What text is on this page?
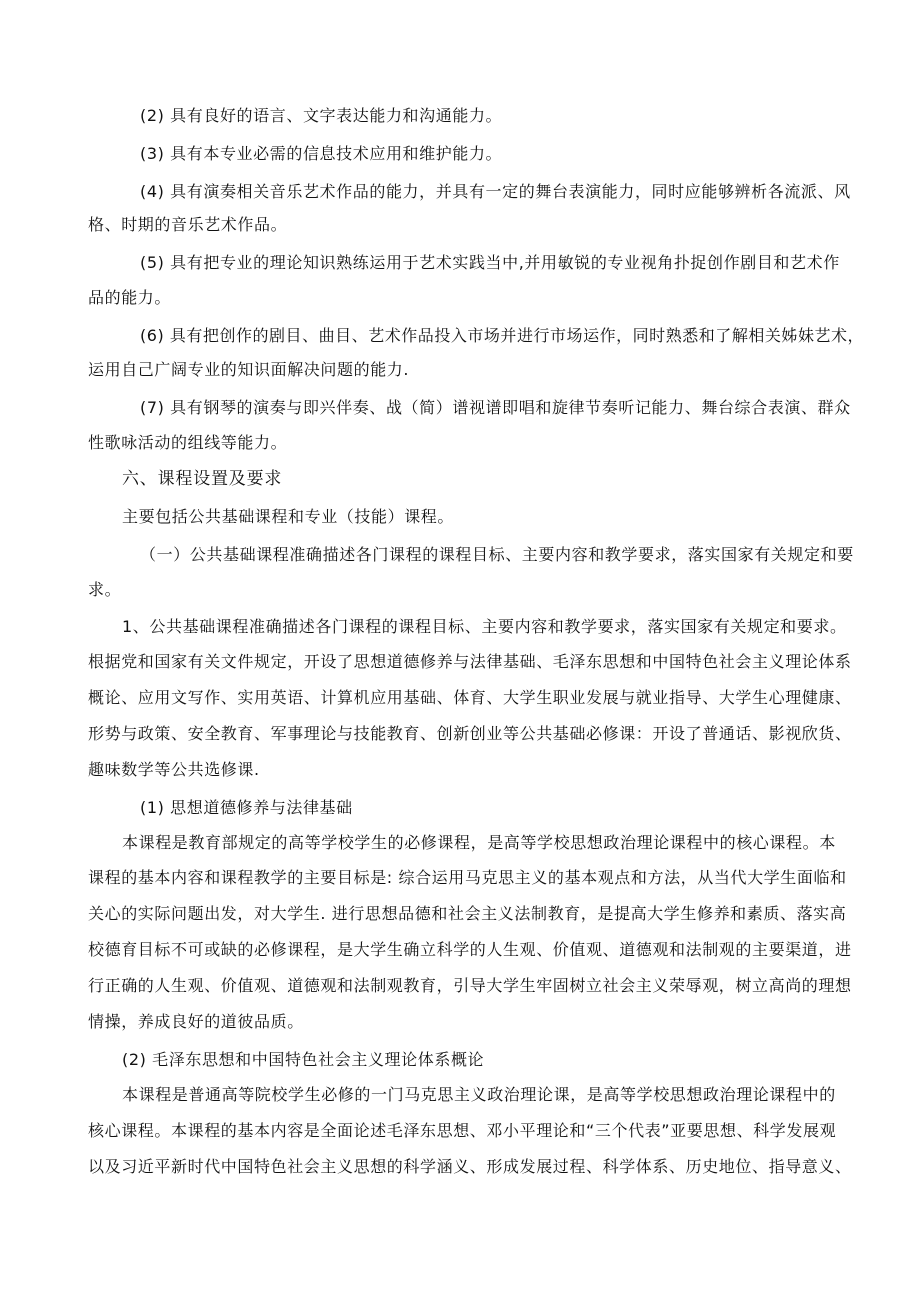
(2) 具有良好的语言、文字表达能力和沟通能力。
(3) 具有本专业必需的信息技术应用和维护能力。
(4) 具有演奏相关音乐艺术作品的能力，并具有一定的舞台表演能力，同时应能够辨析各流派、风
格、时期的音乐艺术作品。
(5) 具有把专业的理论知识熟练运用于艺术实践当中,并用敏锐的专业视角扑捉创作剧目和艺术作
品的能力。
(6) 具有把创作的剧目、曲目、艺术作品投入市场并进行市场运作，同时熟悉和了解相关姊妹艺术，
运用自己广阔专业的知识面解决问题的能力.
(7) 具有钢琴的演奏与即兴伴奏、战（简）谱视谱即唱和旋律节奏听记能力、舞台综合表演、群众
性歌咏活动的组线等能力。
六、课程设置及要求
主要包括公共基础课程和专业（技能）课程。
（一）公共基础课程准确描述各门课程的课程目标、主要内容和教学要求，落实国家有关规定和要
求。
1、公共基础课程准确描述各门课程的课程目标、主要内容和教学要求，落实国家有关规定和要求。
根据党和国家有关文件规定，开设了思想道德修养与法律基础、毛泽东思想和中国特色社会主义理论体系
概论、应用文写作、实用英语、计算机应用基础、体育、大学生职业发展与就业指导、大学生心理健康、
形势与政策、安全教育、军事理论与技能教育、创新创业等公共基础必修课：开设了普通话、影视欣货、
趣味数学等公共选修课.
(1) 思想道德修养与法律基础
本课程是教育部规定的高等学校学生的必修课程，是高等学校思想政治理论课程中的核心课程。本
课程的基本内容和课程教学的主要目标是: 综合运用马克思主义的基本观点和方法，从当代大学生面临和
关心的实际问题出发，对大学生. 进行思想品德和社会主义法制教育，是提高大学生修养和素质、落实高
校德育目标不可或缺的必修课程，是大学生确立科学的人生观、价值观、道德观和法制观的主要渠道，进
行正确的人生观、价值观、道德观和法制观教育，引导大学生牢固树立社会主义荣辱观，树立高尚的理想
情操，养成良好的道彼品质。
(2) 毛泽东思想和中国特色社会主义理论体系概论
本课程是普通高等院校学生必修的一门马克思主义政治理论课，是高等学校思想政治理论课程中的
核心课程。本课程的基本内容是全面论述毛泽东思想、邓小平理论和“三个代表”亚要思想、科学发展观
以及习近平新时代中国特色社会主义思想的科学涵义、形成发展过程、科学体系、历史地位、指导意义、
